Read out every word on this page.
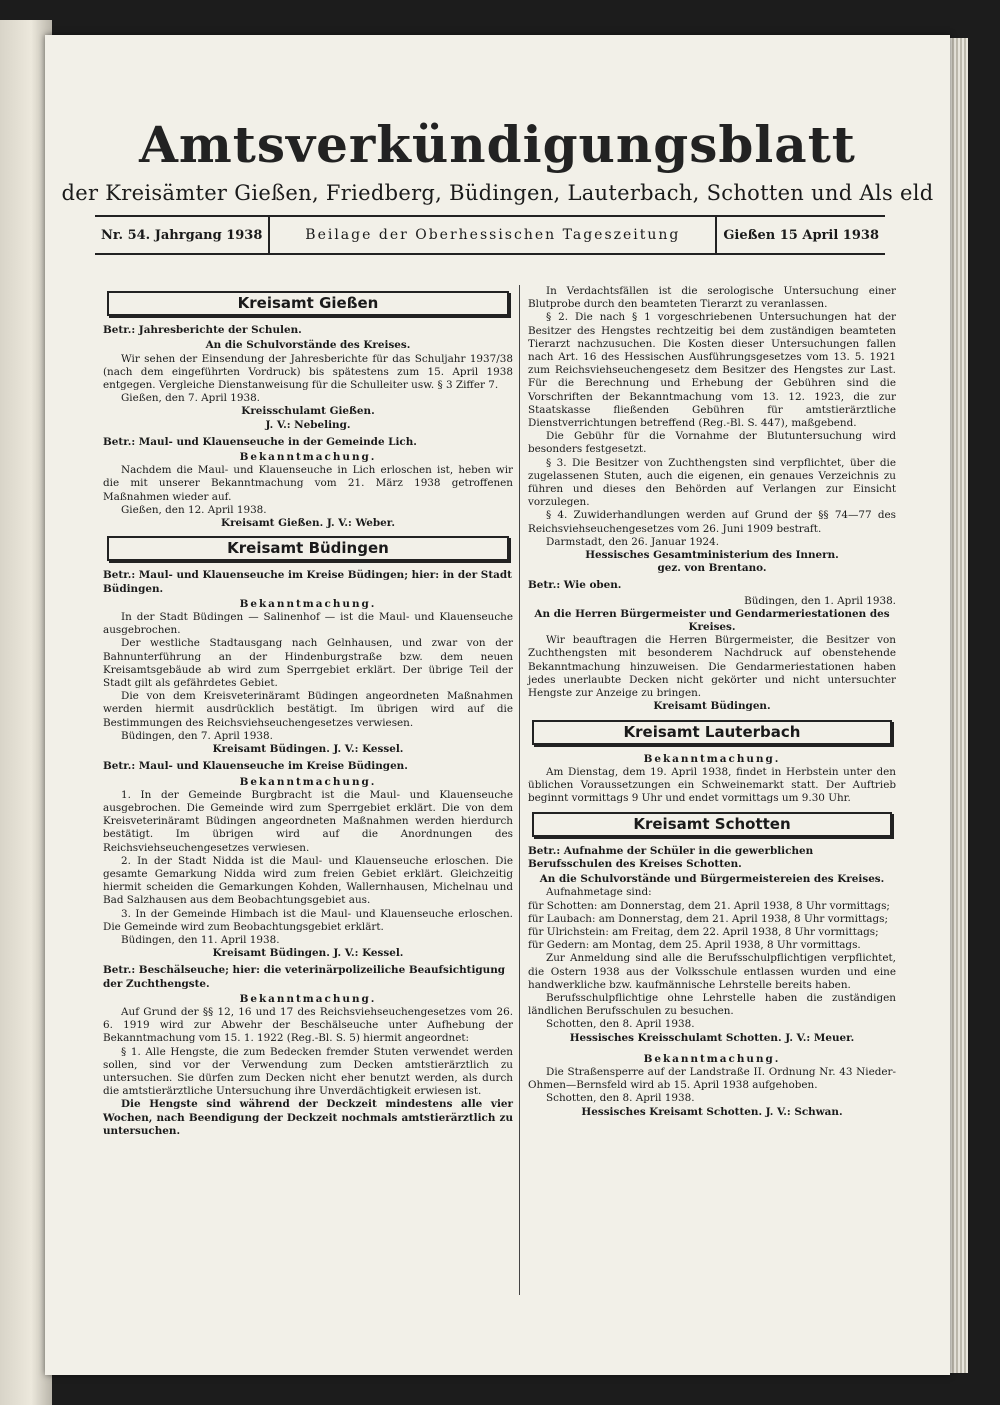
Amtsverkündigungsblatt
der Kreisämter Gießen, Friedberg, Büdingen, Lauterbach, Schotten und Als eld
Nr. 54. Jahrgang 1938	Beilage der Oberhessischen Tageszeitung	Gießen 15 April 1938
Kreisamt Gießen
Betr.: Jahresberichte der Schulen.
An die Schulvorstände des Kreises.

Wir sehen der Einsendung der Jahresberichte für das Schuljahr 1937/38 (nach dem eingeführten Vordruck) bis spätestens zum 15. April 1938 entgegen. Vergleiche Dienstanweisung für die Schulleiter usw. § 3 Ziffer 7.

Gießen, den 7. April 1938.

Kreisschulamt Gießen.
J. V.: Nebeling.
Betr.: Maul- und Klauenseuche in der Gemeinde Lich.
Bekanntmachung.

Nachdem die Maul- und Klauenseuche in Lich erloschen ist, heben wir die mit unserer Bekanntmachung vom 21. März 1938 getroffenen Maßnahmen wieder auf.

Gießen, den 12. April 1938.

Kreisamt Gießen. J. V.: Weber.
Kreisamt Büdingen
Betr.: Maul- und Klauenseuche im Kreise Büdingen; hier: in der Stadt Büdingen.
Bekanntmachung.

In der Stadt Büdingen — Salinenhof — ist die Maul- und Klauenseuche ausgebrochen.

Der westliche Stadtausgang nach Gelnhausen, und zwar von der Bahnunterführung an der Hindenburgstraße bzw. dem neuen Kreisamtsgebäude ab wird zum Sperrgebiet erklärt. Der übrige Teil der Stadt gilt als gefährdetes Gebiet.

Die von dem Kreisveterinäramt Büdingen angeordneten Maßnahmen werden hiermit ausdrücklich bestätigt. Im übrigen wird auf die Bestimmungen des Reichsviehseuchengesetzes verwiesen.

Büdingen, den 7. April 1938.

Kreisamt Büdingen. J. V.: Kessel.
Betr.: Maul- und Klauenseuche im Kreise Büdingen.
Bekanntmachung.

1. In der Gemeinde Burgbracht ist die Maul- und Klauenseuche ausgebrochen. Die Gemeinde wird zum Sperrgebiet erklärt. Die von dem Kreisveterinäramt Büdingen angeordneten Maßnahmen werden hierdurch bestätigt. Im übrigen wird auf die Anordnungen des Reichsviehseuchengesetzes verwiesen.

2. In der Stadt Nidda ist die Maul- und Klauenseuche erloschen. Die gesamte Gemarkung Nidda wird zum freien Gebiet erklärt. Gleichzeitig hiermit scheiden die Gemarkungen Kohden, Wallernhausen, Michelnau und Bad Salzhausen aus dem Beobachtungsgebiet aus.

3. In der Gemeinde Himbach ist die Maul- und Klauenseuche erloschen. Die Gemeinde wird zum Beobachtungsgebiet erklärt.

Büdingen, den 11. April 1938.

Kreisamt Büdingen. J. V.: Kessel.
Betr.: Beschälseuche; hier: die veterinärpolizeiliche Beaufsichtigung der Zuchthengste.
Bekanntmachung.

Auf Grund der §§ 12, 16 und 17 des Reichsviehseuchengesetzes vom 26. 6. 1919 wird zur Abwehr der Beschälseuche unter Aufhebung der Bekanntmachung vom 15. 1. 1922 (Reg.-Bl. S. 5) hiermit angeordnet:

§ 1. Alle Hengste, die zum Bedecken fremder Stuten verwendet werden sollen, sind vor der Verwendung zum Decken amtstierärztlich zu untersuchen. Sie dürfen zum Decken nicht eher benutzt werden, als durch die amtstierärztliche Untersuchung ihre Unverdächtigkeit erwiesen ist.

Die Hengste sind während der Deckzeit mindestens alle vier Wochen, nach Beendigung der Deckzeit nochmals amtstierärztlich zu untersuchen.

In Verdachtsfällen ist die serologische Untersuchung einer Blutprobe durch den beamteten Tierarzt zu veranlassen.

§ 2. Die nach § 1 vorgeschriebenen Untersuchungen hat der Besitzer des Hengstes rechtzeitig bei dem zuständigen beamteten Tierarzt nachzusuchen. Die Kosten dieser Untersuchungen fallen nach Art. 16 des Hessischen Ausführungsgesetzes vom 13. 5. 1921 zum Reichsviehseuchengesetz dem Besitzer des Hengstes zur Last. Für die Berechnung und Erhebung der Gebühren sind die Vorschriften der Bekanntmachung vom 13. 12. 1923, die zur Staatskasse fließenden Gebühren für amtstierärztliche Dienstverrichtungen betreffend (Reg.-Bl. S. 447), maßgebend.

Die Gebühr für die Vornahme der Blutuntersuchung wird besonders festgesetzt.

§ 3. Die Besitzer von Zuchthengsten sind verpflichtet, über die zugelassenen Stuten, auch die eigenen, ein genaues Verzeichnis zu führen und dieses den Behörden auf Verlangen zur Einsicht vorzulegen.

§ 4. Zuwiderhandlungen werden auf Grund der §§ 74—77 des Reichsviehseuchengesetzes vom 26. Juni 1909 bestraft.

Darmstadt, den 26. Januar 1924.

Hessisches Gesamtministerium des Innern.
gez. von Brentano.
Betr.: Wie oben.
Büdingen, den 1. April 1938.
An die Herren Bürgermeister und Gendarmeriestationen des Kreises.

Wir beauftragen die Herren Bürgermeister, die Besitzer von Zuchthengsten mit besonderem Nachdruck auf obenstehende Bekanntmachung hinzuweisen. Die Gendarmeriestationen haben jedes unerlaubte Decken nicht gekörter und nicht untersuchter Hengste zur Anzeige zu bringen.

Kreisamt Büdingen.
Kreisamt Lauterbach
Bekanntmachung.

Am Dienstag, dem 19. April 1938, findet in Herbstein unter den üblichen Voraussetzungen ein Schweinemarkt statt. Der Auftrieb beginnt vormittags 9 Uhr und endet vormittags um 9.30 Uhr.

Kreisamt Schotten
Betr.: Aufnahme der Schüler in die gewerblichen Berufsschulen des Kreises Schotten.
An die Schulvorstände und Bürgermeistereien des Kreises.

Aufnahmetage sind:

für Schotten: am Donnerstag, dem 21. April 1938, 8 Uhr vormittags;

für Laubach: am Donnerstag, dem 21. April 1938, 8 Uhr vormittags;

für Ulrichstein: am Freitag, dem 22. April 1938, 8 Uhr vormittags;

für Gedern: am Montag, dem 25. April 1938, 8 Uhr vormittags.

Zur Anmeldung sind alle die Berufsschulpflichtigen verpflichtet, die Ostern 1938 aus der Volksschule entlassen wurden und eine handwerkliche bzw. kaufmännische Lehrstelle bereits haben.

Berufsschulpflichtige ohne Lehrstelle haben die zuständigen ländlichen Berufsschulen zu besuchen.

Schotten, den 8. April 1938.

Hessisches Kreisschulamt Schotten. J. V.: Meuer.
Bekanntmachung.

Die Straßensperre auf der Landstraße II. Ordnung Nr. 43 Nieder-Ohmen—Bernsfeld wird ab 15. April 1938 aufgehoben.

Schotten, den 8. April 1938.

Hessisches Kreisamt Schotten. J. V.: Schwan.
